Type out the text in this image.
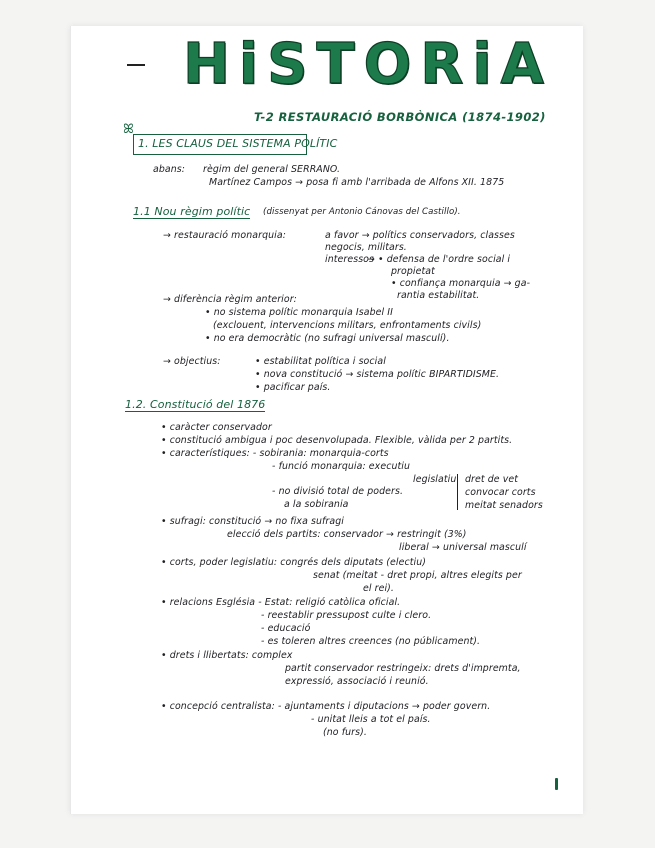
HiSTORiA
T-2 RESTAURACIÓ BORBÒNICA (1874-1902)
ꕤ
1. LES CLAUS DEL SISTEMA POLÍTIC
abans: règim del general SERRANO.
Martínez Campos → posa fi amb l'arribada de Alfons XII. 1875
1.1 Nou règim polític (dissenyat per Antonio Cánovas del Castillo).
→ restauració monarquia:	a favor → polítics conservadors, classes
negocis, militars.
interessos
→ • defensa de l'ordre social i
propietat
• confiança monarquia → ga-
rantia estabilitat.
→ diferència règim anterior:
• no sistema polític monarquia Isabel II
(exclouent, intervencions militars, enfrontaments civils)
• no era democràtic (no sufragi universal masculí).
→ objectius:	• estabilitat política i social
• nova constitució → sistema polític BIPARTIDISME.
• pacificar país.
1.2. Constitució del 1876
• caràcter conservador
• constitució ambigua i poc desenvolupada. Flexible, vàlida per 2 partits.
• característiques: - sobirania: monarquia-corts
- funció monarquia: executiu
legislatiu dret de vet
- no divisió total de poders.	convocar corts
a la sobirania	meitat senadors
• sufragi: constitució → no fixa sufragi
elecció dels partits: conservador → restringit (3%)
liberal → universal masculí
• corts, poder legislatiu: congrés dels diputats (electiu)
senat (meitat - dret propi, altres elegits per
el rei).
• relacions Església - Estat: religió catòlica oficial.
- reestablir pressupost culte i clero.
- educació
- es toleren altres creences (no públicament).
• drets i llibertats: complex
partit conservador restringeix: drets d'impremta,
expressió, associació i reunió.
• concepció centralista: - ajuntaments i diputacions → poder govern.
- unitat lleis a tot el país.
(no furs).
